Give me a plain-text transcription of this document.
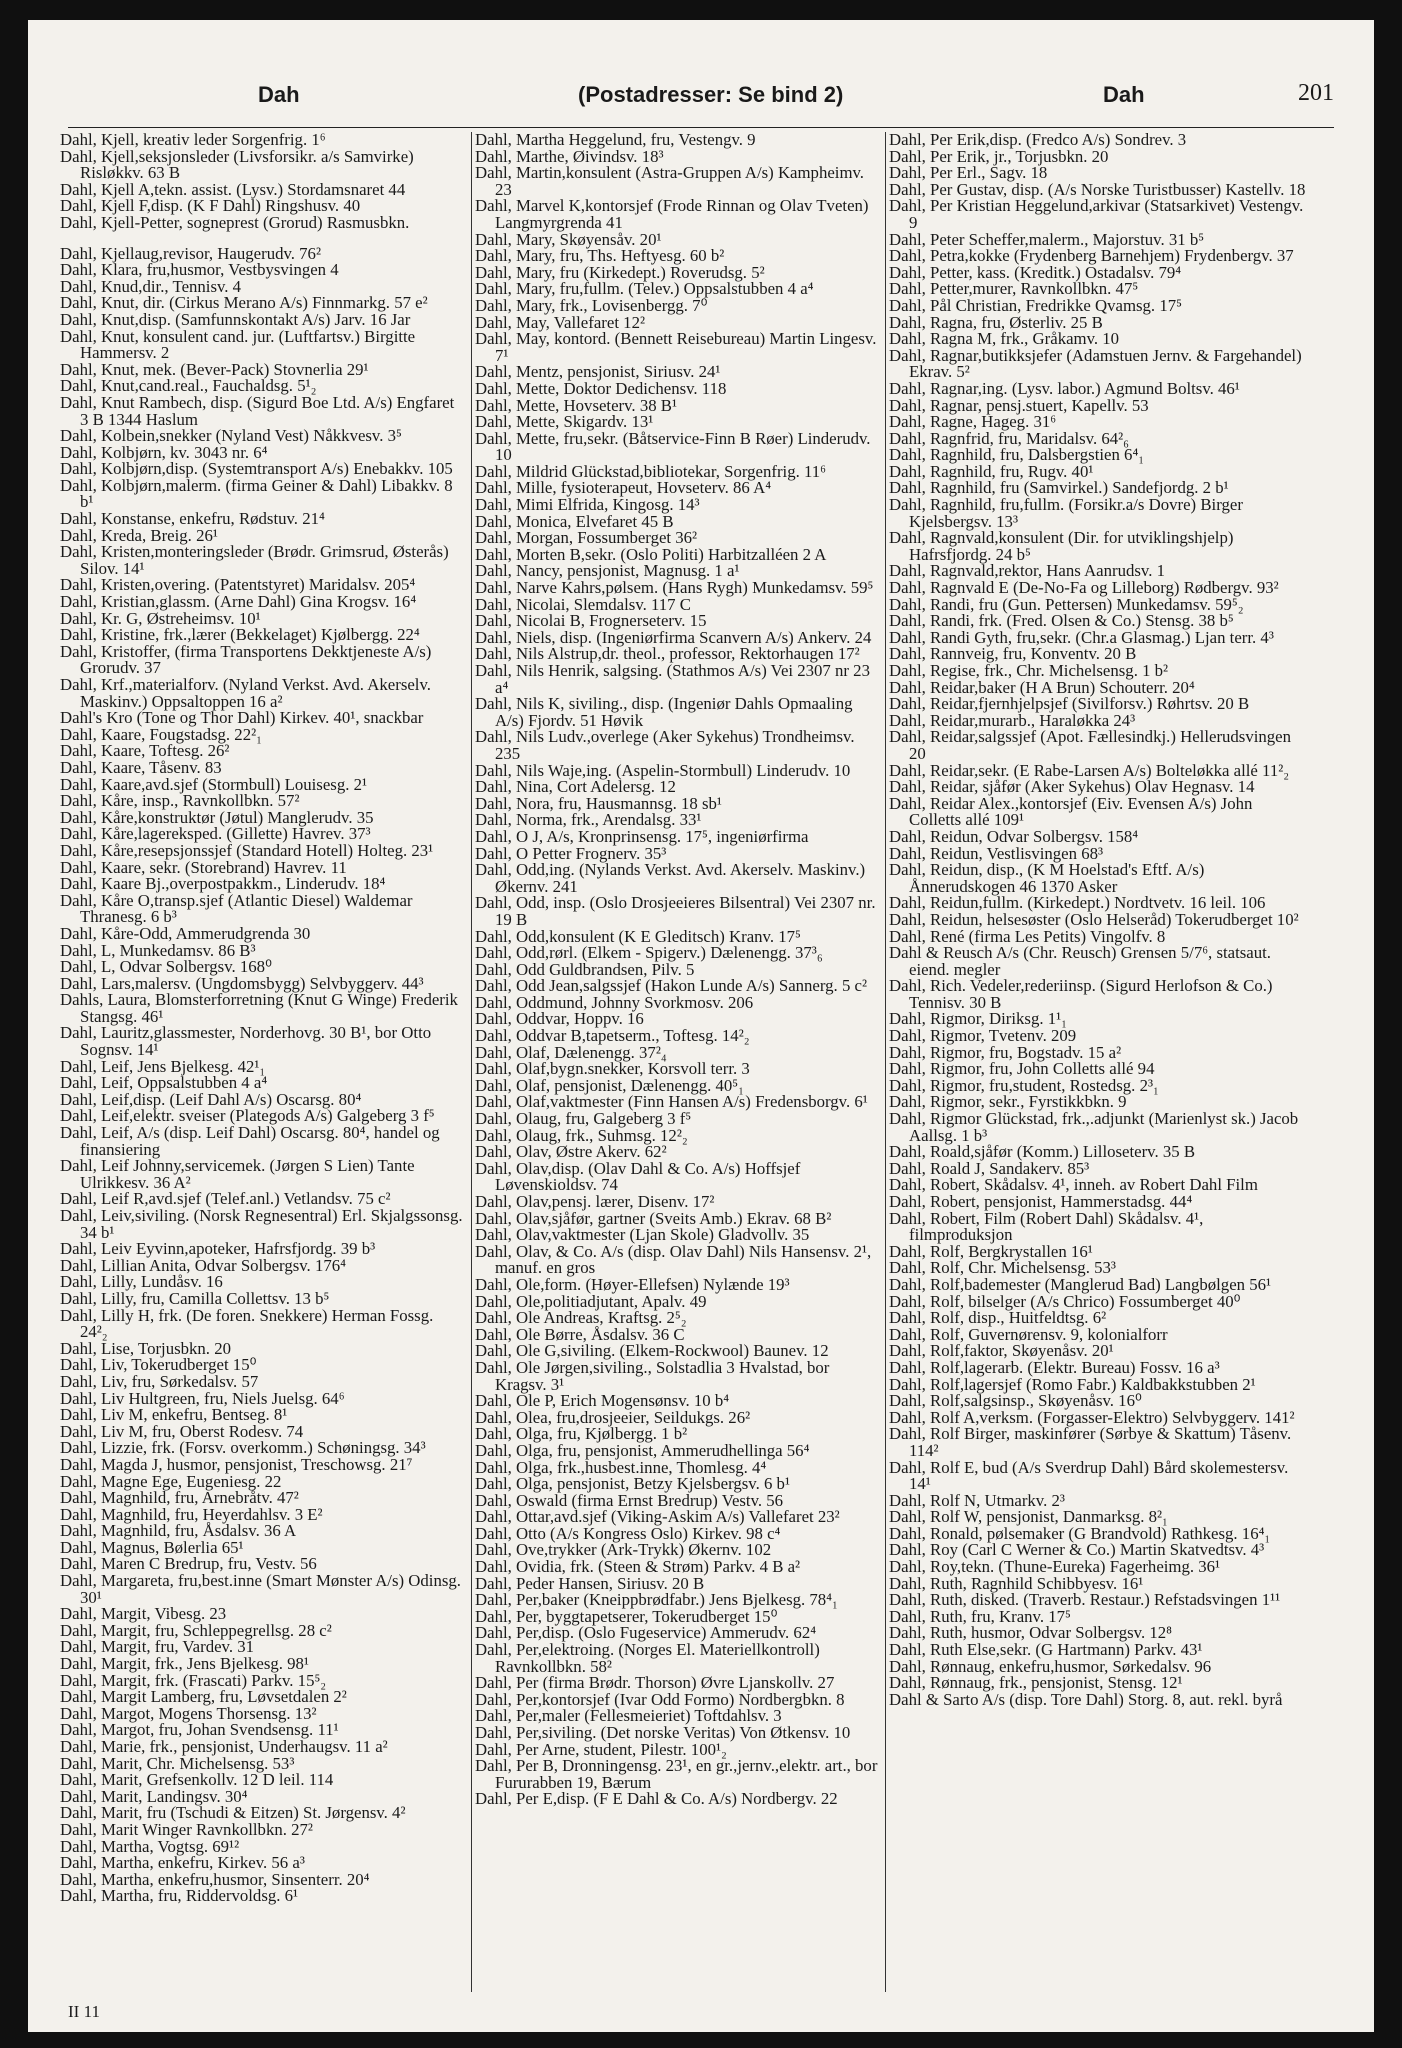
Dah	(Postadresser: Se bind 2)	Dah	201

Dahl, Kjell, kreativ leder Sorgenfrig. 1⁶

Dahl, Kjell,seksjonsleder (Livsforsikr. a/s Samvirke) Risløkkv. 63 B

Dahl, Kjell A,tekn. assist. (Lysv.) Stordamsnaret 44

Dahl, Kjell F,disp. (K F Dahl) Ringshusv. 40

Dahl, Kjell-Petter, sogneprest (Grorud) Rasmusbkn.

Dahl, Kjellaug,revisor, Haugerudv. 76²

Dahl, Klara, fru,husmor, Vestbysvingen 4

Dahl, Knud,dir., Tennisv. 4

Dahl, Knut, dir. (Cirkus Merano A/s) Finnmarkg. 57 e²

Dahl, Knut,disp. (Samfunnskontakt A/s) Jarv. 16 Jar

Dahl, Knut, konsulent cand. jur. (Luftfartsv.) Birgitte Hammersv. 2

Dahl, Knut, mek. (Bever-Pack) Stovnerlia 29¹

Dahl, Knut,cand.real., Fauchaldsg. 5¹₂

Dahl, Knut Rambech, disp. (Sigurd Boe Ltd. A/s) Engfaret 3 B 1344 Haslum

Dahl, Kolbein,snekker (Nyland Vest) Nåkkvesv. 3⁵

Dahl, Kolbjørn, kv. 3043 nr. 6⁴

Dahl, Kolbjørn,disp. (Systemtransport A/s) Enebakkv. 105

Dahl, Kolbjørn,malerm. (firma Geiner & Dahl) Libakkv. 8 b¹

Dahl, Konstanse, enkefru, Rødstuv. 21⁴

Dahl, Kreda, Breig. 26¹

Dahl, Kristen,monteringsleder (Brødr. Grimsrud, Østerås) Silov. 14¹

Dahl, Kristen,overing. (Patentstyret) Maridalsv. 205⁴

Dahl, Kristian,glassm. (Arne Dahl) Gina Krogsv. 16⁴

Dahl, Kr. G, Østreheimsv. 10¹

Dahl, Kristine, frk.,lærer (Bekkelaget) Kjølbergg. 22⁴

Dahl, Kristoffer, (firma Transportens Dekktjeneste A/s) Grorudv. 37

Dahl, Krf.,materialforv. (Nyland Verkst. Avd. Akerselv. Maskinv.) Oppsaltoppen 16 a²

Dahl's Kro (Tone og Thor Dahl) Kirkev. 40¹, snackbar

Dahl, Kaare, Fougstadsg. 22²₁

Dahl, Kaare, Toftesg. 26²

Dahl, Kaare, Tåsenv. 83

Dahl, Kaare,avd.sjef (Stormbull) Louisesg. 2¹

Dahl, Kåre, insp., Ravnkollbkn. 57²

Dahl, Kåre,konstruktør (Jøtul) Manglerudv. 35

Dahl, Kåre,lagereksped. (Gillette) Havrev. 37³

Dahl, Kåre,resepsjonssjef (Standard Hotell) Holteg. 23¹

Dahl, Kaare, sekr. (Storebrand) Havrev. 11

Dahl, Kaare Bj.,overpostpakkm., Linderudv. 18⁴

Dahl, Kåre O,transp.sjef (Atlantic Diesel) Waldemar Thranesg. 6 b³

Dahl, Kåre-Odd, Ammerudgrenda 30

Dahl, L, Munkedamsv. 86 B³

Dahl, L, Odvar Solbergsv. 168⁰

Dahl, Lars,malersv. (Ungdomsbygg) Selvbyggerv. 44³

Dahls, Laura, Blomsterforretning (Knut G Winge) Frederik Stangsg. 46¹

Dahl, Lauritz,glassmester, Norderhovg. 30 B¹, bor Otto Sognsv. 14¹

Dahl, Leif, Jens Bjelkesg. 42¹₁

Dahl, Leif, Oppsalstubben 4 a⁴

Dahl, Leif,disp. (Leif Dahl A/s) Oscarsg. 80⁴

Dahl, Leif,elektr. sveiser (Plategods A/s) Galgeberg 3 f⁵

Dahl, Leif, A/s (disp. Leif Dahl) Oscarsg. 80⁴, handel og finansiering

Dahl, Leif Johnny,servicemek. (Jørgen S Lien) Tante Ulrikkesv. 36 A²

Dahl, Leif R,avd.sjef (Telef.anl.) Vetlandsv. 75 c²

Dahl, Leiv,siviling. (Norsk Regnesentral) Erl. Skjalgssonsg. 34 b¹

Dahl, Leiv Eyvinn,apoteker, Hafrsfjordg. 39 b³

Dahl, Lillian Anita, Odvar Solbergsv. 176⁴

Dahl, Lilly, Lundåsv. 16

Dahl, Lilly, fru, Camilla Collettsv. 13 b⁵

Dahl, Lilly H, frk. (De foren. Snekkere) Herman Fossg. 24²₂

Dahl, Lise, Torjusbkn. 20

Dahl, Liv, Tokerudberget 15⁰

Dahl, Liv, fru, Sørkedalsv. 57

Dahl, Liv Hultgreen, fru, Niels Juelsg. 64⁶

Dahl, Liv M, enkefru, Bentseg. 8¹

Dahl, Liv M, fru, Oberst Rodesv. 74

Dahl, Lizzie, frk. (Forsv. overkomm.) Schøningsg. 34³

Dahl, Magda J, husmor, pensjonist, Treschowsg. 21⁷

Dahl, Magne Ege, Eugeniesg. 22

Dahl, Magnhild, fru, Arnebråtv. 47²

Dahl, Magnhild, fru, Heyerdahlsv. 3 E²

Dahl, Magnhild, fru, Åsdalsv. 36 A

Dahl, Magnus, Bølerlia 65¹

Dahl, Maren C Bredrup, fru, Vestv. 56

Dahl, Margareta, fru,best.inne (Smart Mønster A/s) Odinsg. 30¹

Dahl, Margit, Vibesg. 23

Dahl, Margit, fru, Schleppegrellsg. 28 c²

Dahl, Margit, fru, Vardev. 31

Dahl, Margit, frk., Jens Bjelkesg. 98¹

Dahl, Margit, frk. (Frascati) Parkv. 15⁵₂

Dahl, Margit Lamberg, fru, Løvsetdalen 2²

Dahl, Margot, Mogens Thorsensg. 13²

Dahl, Margot, fru, Johan Svendsensg. 11¹

Dahl, Marie, frk., pensjonist, Underhaugsv. 11 a²

Dahl, Marit, Chr. Michelsensg. 53³

Dahl, Marit, Grefsenkollv. 12 D leil. 114

Dahl, Marit, Landingsv. 30⁴

Dahl, Marit, fru (Tschudi & Eitzen) St. Jørgensv. 4²

Dahl, Marit Winger Ravnkollbkn. 27²

Dahl, Martha, Vogtsg. 69¹²

Dahl, Martha, enkefru, Kirkev. 56 a³

Dahl, Martha, enkefru,husmor, Sinsenterr. 20⁴

Dahl, Martha, fru, Riddervoldsg. 6¹

Dahl, Martha Heggelund, fru, Vestengv. 9

Dahl, Marthe, Øivindsv. 18³

Dahl, Martin,konsulent (Astra-Gruppen A/s) Kampheimv. 23

Dahl, Marvel K,kontorsjef (Frode Rinnan og Olav Tveten) Langmyrgrenda 41

Dahl, Mary, Skøyensåv. 20¹

Dahl, Mary, fru, Ths. Heftyesg. 60 b²

Dahl, Mary, fru (Kirkedept.) Roverudsg. 5²

Dahl, Mary, fru,fullm. (Telev.) Oppsalstubben 4 a⁴

Dahl, Mary, frk., Lovisenbergg. 7⁰

Dahl, May, Vallefaret 12²

Dahl, May, kontord. (Bennett Reisebureau) Martin Lingesv. 7¹

Dahl, Mentz, pensjonist, Siriusv. 24¹

Dahl, Mette, Doktor Dedichensv. 118

Dahl, Mette, Hovseterv. 38 B¹

Dahl, Mette, Skigardv. 13¹

Dahl, Mette, fru,sekr. (Båtservice-Finn B Røer) Linderudv. 10

Dahl, Mildrid Glückstad,bibliotekar, Sorgenfrig. 11⁶

Dahl, Mille, fysioterapeut, Hovseterv. 86 A⁴

Dahl, Mimi Elfrida, Kingosg. 14³

Dahl, Monica, Elvefaret 45 B

Dahl, Morgan, Fossumberget 36²

Dahl, Morten B,sekr. (Oslo Politi) Harbitzalléen 2 A

Dahl, Nancy, pensjonist, Magnusg. 1 a¹

Dahl, Narve Kahrs,pølsem. (Hans Rygh) Munkedamsv. 59⁵

Dahl, Nicolai, Slemdalsv. 117 C

Dahl, Nicolai B, Frognerseterv. 15

Dahl, Niels, disp. (Ingeniørfirma Scanvern A/s) Ankerv. 24

Dahl, Nils Alstrup,dr. theol., professor, Rektorhaugen 17²

Dahl, Nils Henrik, salgsing. (Stathmos A/s) Vei 2307 nr 23 a⁴

Dahl, Nils K, siviling., disp. (Ingeniør Dahls Opmaaling A/s) Fjordv. 51 Høvik

Dahl, Nils Ludv.,overlege (Aker Sykehus) Trondheimsv. 235

Dahl, Nils Waje,ing. (Aspelin-Stormbull) Linderudv. 10

Dahl, Nina, Cort Adelersg. 12

Dahl, Nora, fru, Hausmannsg. 18 sb¹

Dahl, Norma, frk., Arendalsg. 33¹

Dahl, O J, A/s, Kronprinsensg. 17⁵, ingeniørfirma

Dahl, O Petter Frognerv. 35³

Dahl, Odd,ing. (Nylands Verkst. Avd. Akerselv. Maskinv.) Økernv. 241

Dahl, Odd, insp. (Oslo Drosjeeieres Bilsentral) Vei 2307 nr. 19 B

Dahl, Odd,konsulent (K E Gleditsch) Kranv. 17⁵

Dahl, Odd,rørl. (Elkem - Spigerv.) Dælenengg. 37³₆

Dahl, Odd Guldbrandsen, Pilv. 5

Dahl, Odd Jean,salgssjef (Hakon Lunde A/s) Sannerg. 5 c²

Dahl, Oddmund, Johnny Svorkmosv. 206

Dahl, Oddvar, Hoppv. 16

Dahl, Oddvar B,tapetserm., Toftesg. 14²₂

Dahl, Olaf, Dælenengg. 37²₄

Dahl, Olaf,bygn.snekker, Korsvoll terr. 3

Dahl, Olaf, pensjonist, Dælenengg. 40⁵₁

Dahl, Olaf,vaktmester (Finn Hansen A/s) Fredensborgv. 6¹

Dahl, Olaug, fru, Galgeberg 3 f⁵

Dahl, Olaug, frk., Suhmsg. 12²₂

Dahl, Olav, Østre Akerv. 62²

Dahl, Olav,disp. (Olav Dahl & Co. A/s) Hoffsjef Løvenskioldsv. 74

Dahl, Olav,pensj. lærer, Disenv. 17²

Dahl, Olav,sjåfør, gartner (Sveits Amb.) Ekrav. 68 B²

Dahl, Olav,vaktmester (Ljan Skole) Gladvollv. 35

Dahl, Olav, & Co. A/s (disp. Olav Dahl) Nils Hansensv. 2¹, manuf. en gros

Dahl, Ole,form. (Høyer-Ellefsen) Nylænde 19³

Dahl, Ole,politiadjutant, Apalv. 49

Dahl, Ole Andreas, Kraftsg. 2⁵₂

Dahl, Ole Børre, Åsdalsv. 36 C

Dahl, Ole G,siviling. (Elkem-Rockwool) Baunev. 12

Dahl, Ole Jørgen,siviling., Solstadlia 3 Hvalstad, bor Kragsv. 3¹

Dahl, Ole P, Erich Mogensønsv. 10 b⁴

Dahl, Olea, fru,drosjeeier, Seildukgs. 26²

Dahl, Olga, fru, Kjølbergg. 1 b²

Dahl, Olga, fru, pensjonist, Ammerudhellinga 56⁴

Dahl, Olga, frk.,husbest.inne, Thomlesg. 4⁴

Dahl, Olga, pensjonist, Betzy Kjelsbergsv. 6 b¹

Dahl, Oswald (firma Ernst Bredrup) Vestv. 56

Dahl, Ottar,avd.sjef (Viking-Askim A/s) Vallefaret 23²

Dahl, Otto (A/s Kongress Oslo) Kirkev. 98 c⁴

Dahl, Ove,trykker (Ark-Trykk) Økernv. 102

Dahl, Ovidia, frk. (Steen & Strøm) Parkv. 4 B a²

Dahl, Peder Hansen, Siriusv. 20 B

Dahl, Per,baker (Kneippbrødfabr.) Jens Bjelkesg. 78⁴₁

Dahl, Per, byggtapetserer, Tokerudberget 15⁰

Dahl, Per,disp. (Oslo Fugeservice) Ammerudv. 62⁴

Dahl, Per,elektroing. (Norges El. Materiellkontroll) Ravnkollbkn. 58²

Dahl, Per (firma Brødr. Thorson) Øvre Ljanskollv. 27

Dahl, Per,kontorsjef (Ivar Odd Formo) Nordbergbkn. 8

Dahl, Per,maler (Fellesmeieriet) Toftdahlsv. 3

Dahl, Per,siviling. (Det norske Veritas) Von Øtkensv. 10

Dahl, Per Arne, student, Pilestr. 100¹₂

Dahl, Per B, Dronningensg. 23¹, en gr.,jernv.,elektr. art., bor Fururabben 19, Bærum

Dahl, Per E,disp. (F E Dahl & Co. A/s) Nordbergv. 22

Dahl, Per Erik,disp. (Fredco A/s) Sondrev. 3

Dahl, Per Erik, jr., Torjusbkn. 20

Dahl, Per Erl., Sagv. 18

Dahl, Per Gustav, disp. (A/s Norske Turistbusser) Kastellv. 18

Dahl, Per Kristian Heggelund,arkivar (Statsarkivet) Vestengv. 9

Dahl, Peter Scheffer,malerm., Majorstuv. 31 b⁵

Dahl, Petra,kokke (Frydenberg Barnehjem) Frydenbergv. 37

Dahl, Petter, kass. (Kreditk.) Ostadalsv. 79⁴

Dahl, Petter,murer, Ravnkollbkn. 47⁵

Dahl, Pål Christian, Fredrikke Qvamsg. 17⁵

Dahl, Ragna, fru, Østerliv. 25 B

Dahl, Ragna M, frk., Gråkamv. 10

Dahl, Ragnar,butikksjefer (Adamstuen Jernv. & Fargehandel) Ekrav. 5²

Dahl, Ragnar,ing. (Lysv. labor.) Agmund Boltsv. 46¹

Dahl, Ragnar, pensj.stuert, Kapellv. 53

Dahl, Ragne, Hageg. 31⁶

Dahl, Ragnfrid, fru, Maridalsv. 64²₆

Dahl, Ragnhild, fru, Dalsbergstien 6⁴₁

Dahl, Ragnhild, fru, Rugv. 40¹

Dahl, Ragnhild, fru (Samvirkel.) Sandefjordg. 2 b¹

Dahl, Ragnhild, fru,fullm. (Forsikr.a/s Dovre) Birger Kjelsbergsv. 13³

Dahl, Ragnvald,konsulent (Dir. for utviklingshjelp) Hafrsfjordg. 24 b⁵

Dahl, Ragnvald,rektor, Hans Aanrudsv. 1

Dahl, Ragnvald E (De-No-Fa og Lilleborg) Rødbergv. 93²

Dahl, Randi, fru (Gun. Pettersen) Munkedamsv. 59⁵₂

Dahl, Randi, frk. (Fred. Olsen & Co.) Stensg. 38 b⁵

Dahl, Randi Gyth, fru,sekr. (Chr.a Glasmag.) Ljan terr. 4³

Dahl, Rannveig, fru, Konventv. 20 B

Dahl, Regise, frk., Chr. Michelsensg. 1 b²

Dahl, Reidar,baker (H A Brun) Schouterr. 20⁴

Dahl, Reidar,fjernhjelpsjef (Sivilforsv.) Røhrtsv. 20 B

Dahl, Reidar,murarb., Haraløkka 24³

Dahl, Reidar,salgssjef (Apot. Fællesindkj.) Hellerudsvingen 20

Dahl, Reidar,sekr. (E Rabe-Larsen A/s) Bolteløkka allé 11²₂

Dahl, Reidar, sjåfør (Aker Sykehus) Olav Hegnasv. 14

Dahl, Reidar Alex.,kontorsjef (Eiv. Evensen A/s) John Colletts allé 109¹

Dahl, Reidun, Odvar Solbergsv. 158⁴

Dahl, Reidun, Vestlisvingen 68³

Dahl, Reidun, disp., (K M Hoelstad's Eftf. A/s) Ånnerudskogen 46 1370 Asker

Dahl, Reidun,fullm. (Kirkedept.) Nordtvetv. 16 leil. 106

Dahl, Reidun, helsesøster (Oslo Helseråd) Tokerudberget 10²

Dahl, René (firma Les Petits) Vingolfv. 8

Dahl & Reusch A/s (Chr. Reusch) Grensen 5/7⁶, statsaut. eiend. megler

Dahl, Rich. Vedeler,rederiinsp. (Sigurd Herlofson & Co.) Tennisv. 30 B

Dahl, Rigmor, Diriksg. 1¹₁

Dahl, Rigmor, Tvetenv. 209

Dahl, Rigmor, fru, Bogstadv. 15 a²

Dahl, Rigmor, fru, John Colletts allé 94

Dahl, Rigmor, fru,student, Rostedsg. 2³₁

Dahl, Rigmor, sekr., Fyrstikkbkn. 9

Dahl, Rigmor Glückstad, frk.,.adjunkt (Marienlyst sk.) Jacob Aallsg. 1 b³

Dahl, Roald,sjåfør (Komm.) Lilloseterv. 35 B

Dahl, Roald J, Sandakerv. 85³

Dahl, Robert, Skådalsv. 4¹, inneh. av Robert Dahl Film

Dahl, Robert, pensjonist, Hammerstadsg. 44⁴

Dahl, Robert, Film (Robert Dahl) Skådalsv. 4¹, filmproduksjon

Dahl, Rolf, Bergkrystallen 16¹

Dahl, Rolf, Chr. Michelsensg. 53³

Dahl, Rolf,bademester (Manglerud Bad) Langbølgen 56¹

Dahl, Rolf, bilselger (A/s Chrico) Fossumberget 40⁰

Dahl, Rolf, disp., Huitfeldtsg. 6²

Dahl, Rolf, Guvernørensv. 9, kolonialforr

Dahl, Rolf,faktor, Skøyenåsv. 20¹

Dahl, Rolf,lagerarb. (Elektr. Bureau) Fossv. 16 a³

Dahl, Rolf,lagersjef (Romo Fabr.) Kaldbakkstubben 2¹

Dahl, Rolf,salgsinsp., Skøyenåsv. 16⁰

Dahl, Rolf A,verksm. (Forgasser-Elektro) Selvbyggerv. 141²

Dahl, Rolf Birger, maskinfører (Sørbye & Skattum) Tåsenv. 114²

Dahl, Rolf E, bud (A/s Sverdrup Dahl) Bård skolemestersv. 14¹

Dahl, Rolf N, Utmarkv. 2³

Dahl, Rolf W, pensjonist, Danmarksg. 8²₁

Dahl, Ronald, pølsemaker (G Brandvold) Rathkesg. 16⁴₁

Dahl, Roy (Carl C Werner & Co.) Martin Skatvedtsv. 4³

Dahl, Roy,tekn. (Thune-Eureka) Fagerheimg. 36¹

Dahl, Ruth, Ragnhild Schibbyesv. 16¹

Dahl, Ruth, disked. (Traverb. Restaur.) Refstadsvingen 1¹¹

Dahl, Ruth, fru, Kranv. 17⁵

Dahl, Ruth, husmor, Odvar Solbergsv. 12⁸

Dahl, Ruth Else,sekr. (G Hartmann) Parkv. 43¹

Dahl, Rønnaug, enkefru,husmor, Sørkedalsv. 96

Dahl, Rønnaug, frk., pensjonist, Stensg. 12¹

Dahl & Sarto A/s (disp. Tore Dahl) Storg. 8, aut. rekl. byrå

II 11
